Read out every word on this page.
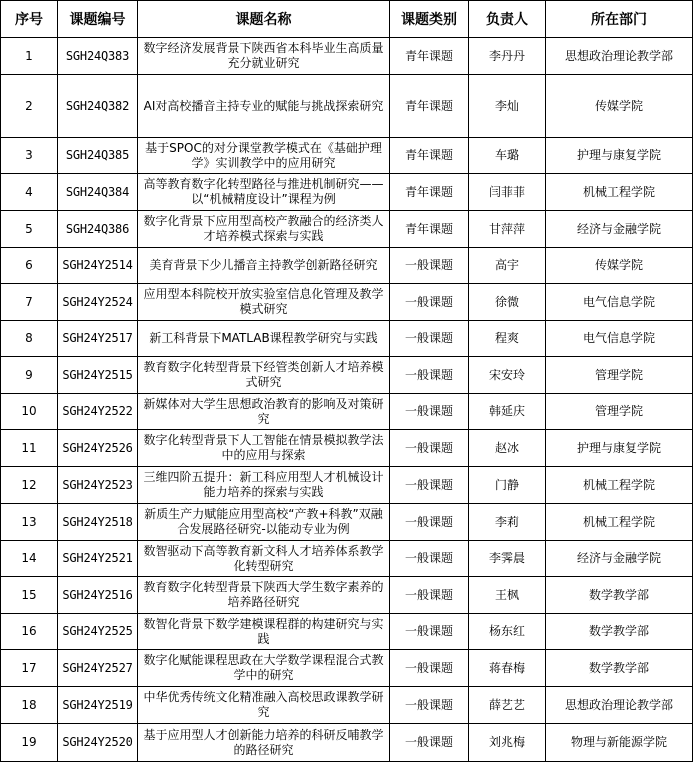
序号	课题编号	课题名称	课题类别	负责人	所在部门
1	SGH24Q383	数字经济发展背景下陕西省本科毕业生高质量充分就业研究	青年课题	李丹丹	思想政治理论教学部
2	SGH24Q382	AI对高校播音主持专业的赋能与挑战探索研究	青年课题	李灿	传媒学院
3	SGH24Q385	基于SPOC的对分课堂教学模式在《基础护理学》实训教学中的应用研究	青年课题	车璐	护理与康复学院
4	SGH24Q384	高等教育数字化转型路径与推进机制研究——以“机械精度设计”课程为例	青年课题	闫菲菲	机械工程学院
5	SGH24Q386	数字化背景下应用型高校产教融合的经济类人才培养模式探索与实践	青年课题	甘萍萍	经济与金融学院
6	SGH24Y2514	美育背景下少儿播音主持教学创新路径研究	一般课题	高宇	传媒学院
7	SGH24Y2524	应用型本科院校开放实验室信息化管理及教学模式研究	一般课题	徐微	电气信息学院
8	SGH24Y2517	新工科背景下MATLAB课程教学研究与实践	一般课题	程爽	电气信息学院
9	SGH24Y2515	教育数字化转型背景下经管类创新人才培养模式研究	一般课题	宋安玲	管理学院
10	SGH24Y2522	新媒体对大学生思想政治教育的影响及对策研究	一般课题	韩延庆	管理学院
11	SGH24Y2526	数字化转型背景下人工智能在情景模拟教学法中的应用与探索	一般课题	赵冰	护理与康复学院
12	SGH24Y2523	三维四阶五提升：新工科应用型人才机械设计能力培养的探索与实践	一般课题	门静	机械工程学院
13	SGH24Y2518	新质生产力赋能应用型高校“产教+科教”双融合发展路径研究-以能动专业为例	一般课题	李莉	机械工程学院
14	SGH24Y2521	数智驱动下高等教育新文科人才培养体系教学化转型研究	一般课题	李霁晨	经济与金融学院
15	SGH24Y2516	教育数字化转型背景下陕西大学生数字素养的培养路径研究	一般课题	王枫	数学教学部
16	SGH24Y2525	数智化背景下数学建模课程群的构建研究与实践	一般课题	杨东红	数学教学部
17	SGH24Y2527	数字化赋能课程思政在大学数学课程混合式教学中的研究	一般课题	蒋春梅	数学教学部
18	SGH24Y2519	中华优秀传统文化精准融入高校思政课教学研究	一般课题	薛艺艺	思想政治理论教学部
19	SGH24Y2520	基于应用型人才创新能力培养的科研反哺教学的路径研究	一般课题	刘兆梅	物理与新能源学院
